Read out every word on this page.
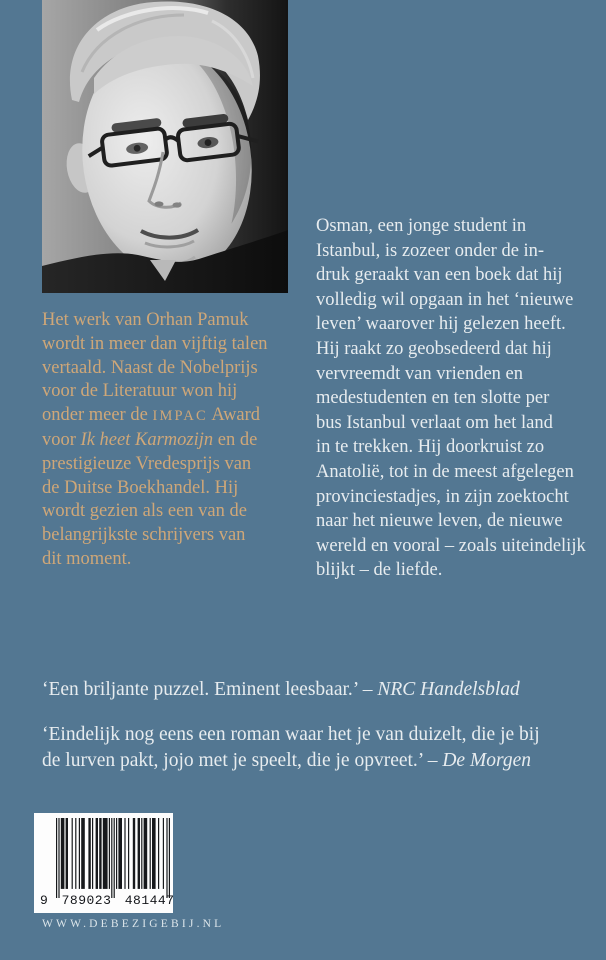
Het werk van Orhan Pamuk
wordt in meer dan vijftig talen
vertaald. Naast de Nobelprijs
voor de Literatuur won hij
onder meer de IMPAC Award
voor Ik heet Karmozijn en de
prestigieuze Vredesprijs van
de Duitse Boekhandel. Hij
wordt gezien als een van de
belangrijkste schrijvers van
dit moment.
Osman, een jonge student in
Istanbul, is zozeer onder de in-
druk geraakt van een boek dat hij
volledig wil opgaan in het ‘nieuwe
leven’ waarover hij gelezen heeft.
Hij raakt zo geobsedeerd dat hij
vervreemdt van vrienden en
medestudenten en ten slotte per
bus Istanbul verlaat om het land
in te trekken. Hij doorkruist zo
Anatolië, tot in de meest afgelegen
provinciestadjes, in zijn zoektocht
naar het nieuwe leven, de nieuwe
wereld en vooral – zoals uiteindelijk
blijkt – de liefde.
‘Een briljante puzzel. Eminent leesbaar.’ – NRC Handelsblad
‘Eindelijk nog eens een roman waar het je van duizelt, die je bij
de lurven pakt, jojo met je speelt, die je opvreet.’ – De Morgen
9 789023 481447
WWW.DEBEZIGEBIJ.NL
